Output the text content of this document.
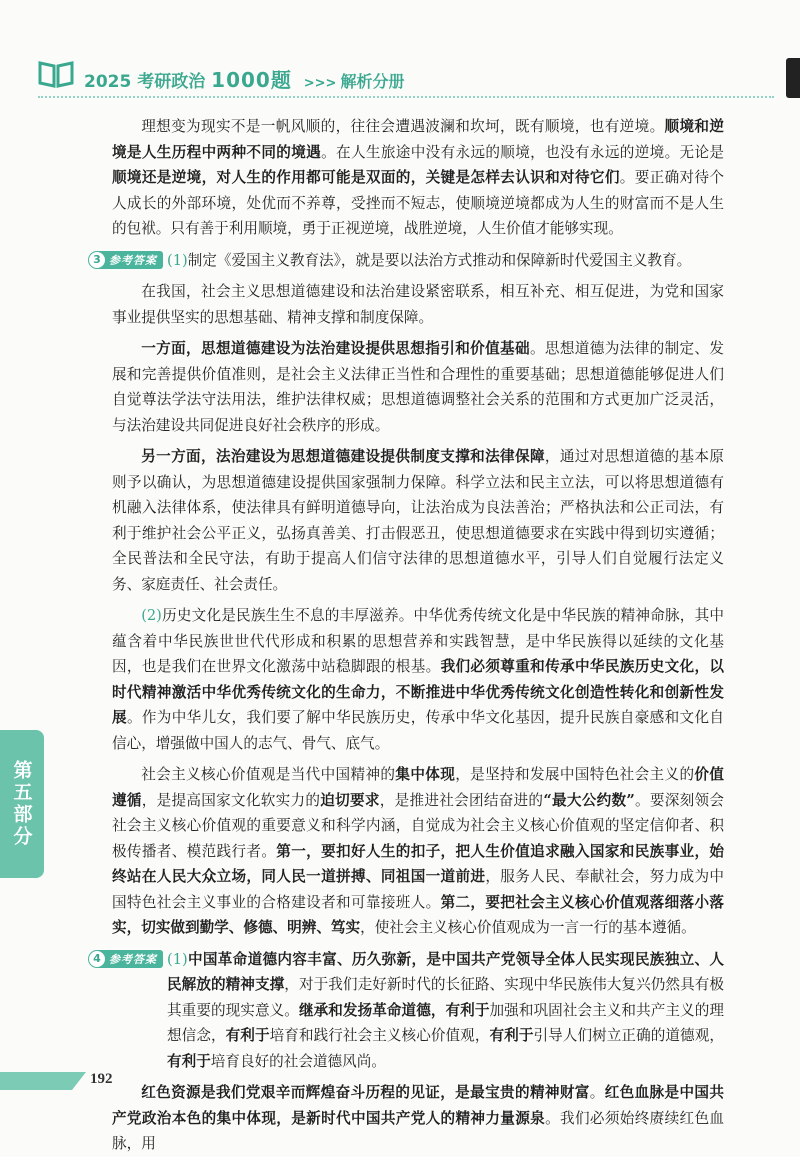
2025 考研政治 1000题 >>> 解析分册

理想变为现实不是一帆风顺的，往往会遭遇波澜和坎坷，既有顺境，也有逆境。顺境和逆境是人生历程中两种不同的境遇。在人生旅途中没有永远的顺境，也没有永远的逆境。无论是顺境还是逆境，对人生的作用都可能是双面的，关键是怎样去认识和对待它们。要正确对待个人成长的外部环境，处优而不养尊，受挫而不短志，使顺境逆境都成为人生的财富而不是人生的包袱。只有善于利用顺境，勇于正视逆境，战胜逆境，人生价值才能够实现。

3 参考答案 (1)制定《爱国主义教育法》，就是要以法治方式推动和保障新时代爱国主义教育。

在我国，社会主义思想道德建设和法治建设紧密联系，相互补充、相互促进，为党和国家事业提供坚实的思想基础、精神支撑和制度保障。

一方面，思想道德建设为法治建设提供思想指引和价值基础。思想道德为法律的制定、发展和完善提供价值准则，是社会主义法律正当性和合理性的重要基础；思想道德能够促进人们自觉尊法学法守法用法，维护法律权威；思想道德调整社会关系的范围和方式更加广泛灵活，与法治建设共同促进良好社会秩序的形成。

另一方面，法治建设为思想道德建设提供制度支撑和法律保障，通过对思想道德的基本原则予以确认，为思想道德建设提供国家强制力保障。科学立法和民主立法，可以将思想道德有机融入法律体系，使法律具有鲜明道德导向，让法治成为良法善治；严格执法和公正司法，有利于维护社会公平正义，弘扬真善美、打击假恶丑，使思想道德要求在实践中得到切实遵循；全民普法和全民守法，有助于提高人们信守法律的思想道德水平，引导人们自觉履行法定义务、家庭责任、社会责任。

(2)历史文化是民族生生不息的丰厚滋养。中华优秀传统文化是中华民族的精神命脉，其中蕴含着中华民族世世代代形成和积累的思想营养和实践智慧，是中华民族得以延续的文化基因，也是我们在世界文化激荡中站稳脚跟的根基。我们必须尊重和传承中华民族历史文化，以时代精神激活中华优秀传统文化的生命力，不断推进中华优秀传统文化创造性转化和创新性发展。作为中华儿女，我们要了解中华民族历史，传承中华文化基因，提升民族自豪感和文化自信心，增强做中国人的志气、骨气、底气。

社会主义核心价值观是当代中国精神的集中体现，是坚持和发展中国特色社会主义的价值遵循，是提高国家文化软实力的迫切要求，是推进社会团结奋进的“最大公约数”。要深刻领会社会主义核心价值观的重要意义和科学内涵，自觉成为社会主义核心价值观的坚定信仰者、积极传播者、模范践行者。第一，要扣好人生的扣子，把人生价值追求融入国家和民族事业，始终站在人民大众立场，同人民一道拼搏、同祖国一道前进，服务人民、奉献社会，努力成为中国特色社会主义事业的合格建设者和可靠接班人。第二，要把社会主义核心价值观落细落小落实，切实做到勤学、修德、明辨、笃实，使社会主义核心价值观成为一言一行的基本遵循。

4 参考答案 (1)中国革命道德内容丰富、历久弥新，是中国共产党领导全体人民实现民族独立、人民解放的精神支撑，对于我们走好新时代的长征路、实现中华民族伟大复兴仍然具有极其重要的现实意义。继承和发扬革命道德，有利于加强和巩固社会主义和共产主义的理想信念，有利于培育和践行社会主义核心价值观，有利于引导人们树立正确的道德观，有利于培育良好的社会道德风尚。

红色资源是我们党艰辛而辉煌奋斗历程的见证，是最宝贵的精神财富。红色血脉是中国共产党政治本色的集中体现，是新时代中国共产党人的精神力量源泉。我们必须始终赓续红色血脉，用

第五部分
192
